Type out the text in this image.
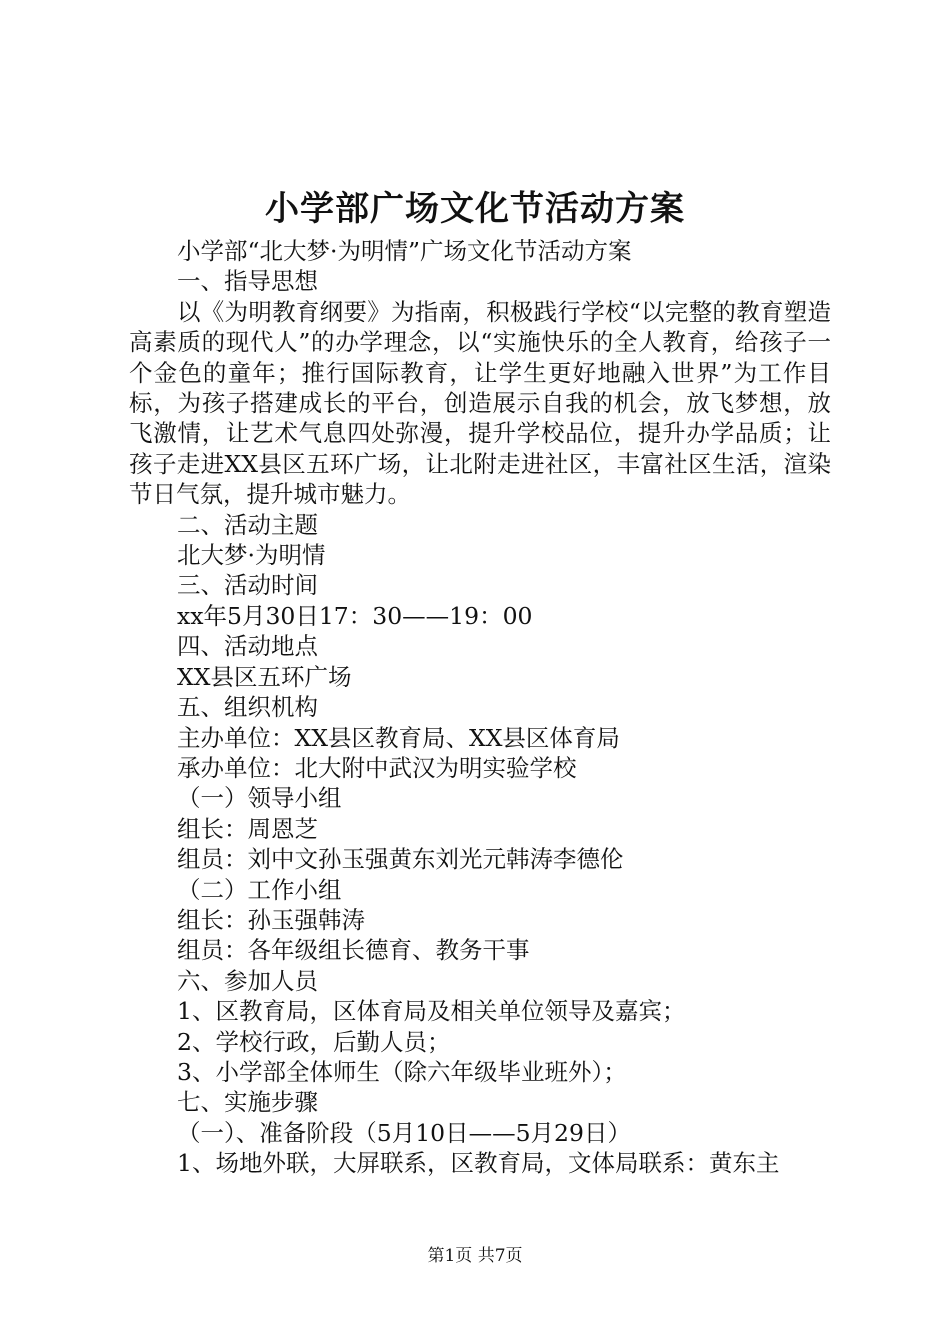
小学部广场文化节活动方案

小学部“北大梦·为明情”广场文化节活动方案

一、指导思想

以《为明教育纲要》为指南，积极践行学校“以完整的教育塑造高素质的现代人”的办学理念，以“实施快乐的全人教育，给孩子一个金色的童年；推行国际教育，让学生更好地融入世界”为工作目标，为孩子搭建成长的平台，创造展示自我的机会，放飞梦想，放飞激情，让艺术气息四处弥漫，提升学校品位，提升办学品质；让孩子走进XX县区五环广场，让北附走进社区，丰富社区生活，渲染节日气氛，提升城市魅力。

二、活动主题

北大梦·为明情

三、活动时间

xx年5月30日17：30——19：00

四、活动地点

XX县区五环广场

五、组织机构

主办单位：XX县区教育局、XX县区体育局

承办单位：北大附中武汉为明实验学校

（一）领导小组

组长：周恩芝

组员：刘中文孙玉强黄东刘光元韩涛李德伦

（二）工作小组

组长：孙玉强韩涛

组员：各年级组长德育、教务干事

六、参加人员

1、区教育局，区体育局及相关单位领导及嘉宾；

2、学校行政，后勤人员；

3、小学部全体师生（除六年级毕业班外）；

七、实施步骤

（一）、准备阶段（5月10日——5月29日）

1、场地外联，大屏联系，区教育局，文体局联系：黄东主

第1页 共7页
